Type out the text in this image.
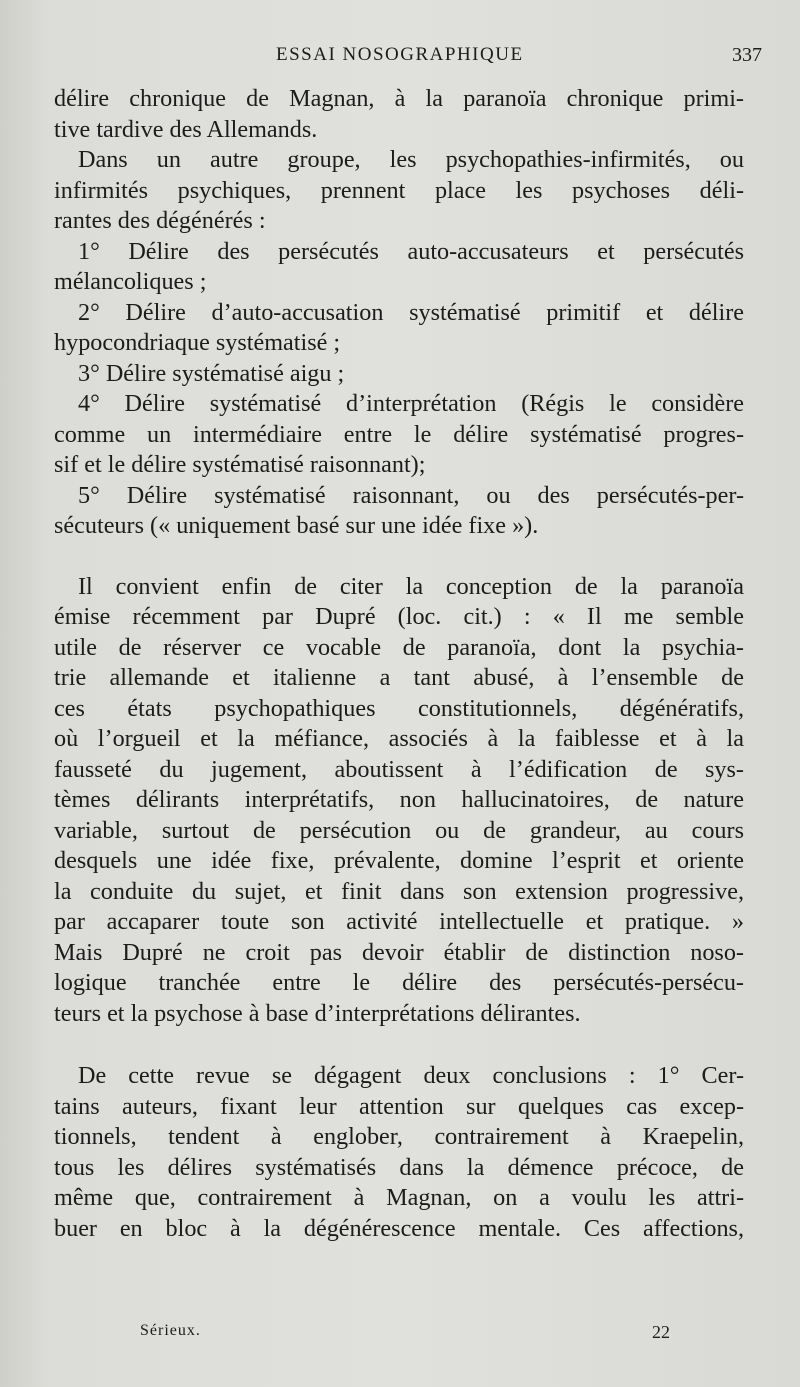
ESSAI NOSOGRAPHIQUE	337
délire chronique de Magnan, à la paranoïa chronique primi-
tive tardive des Allemands.
Dans un autre groupe, les psychopathies-infirmités, ou
infirmités psychiques, prennent place les psychoses déli-
rantes des dégénérés :
1° Délire des persécutés auto-accusateurs et persécutés
mélancoliques ;
2° Délire d’auto-accusation systématisé primitif et délire
hypocondriaque systématisé ;
3° Délire systématisé aigu ;
4° Délire systématisé d’interprétation (Régis le considère
comme un intermédiaire entre le délire systématisé progres-
sif et le délire systématisé raisonnant);
5° Délire systématisé raisonnant, ou des persécutés-per-
sécuteurs (« uniquement basé sur une idée fixe »).
Il convient enfin de citer la conception de la paranoïa
émise récemment par Dupré (loc. cit.) : « Il me semble
utile de réserver ce vocable de paranoïa, dont la psychia-
trie allemande et italienne a tant abusé, à l’ensemble de
ces états psychopathiques constitutionnels, dégénératifs,
où l’orgueil et la méfiance, associés à la faiblesse et à la
fausseté du jugement, aboutissent à l’édification de sys-
tèmes délirants interprétatifs, non hallucinatoires, de nature
variable, surtout de persécution ou de grandeur, au cours
desquels une idée fixe, prévalente, domine l’esprit et oriente
la conduite du sujet, et finit dans son extension progressive,
par accaparer toute son activité intellectuelle et pratique. »
Mais Dupré ne croit pas devoir établir de distinction noso-
logique tranchée entre le délire des persécutés-persécu-
teurs et la psychose à base d’interprétations délirantes.
De cette revue se dégagent deux conclusions : 1° Cer-
tains auteurs, fixant leur attention sur quelques cas excep-
tionnels, tendent à englober, contrairement à Kraepelin,
tous les délires systématisés dans la démence précoce, de
même que, contrairement à Magnan, on a voulu les attri-
buer en bloc à la dégénérescence mentale. Ces affections,
Sérieux.	22
